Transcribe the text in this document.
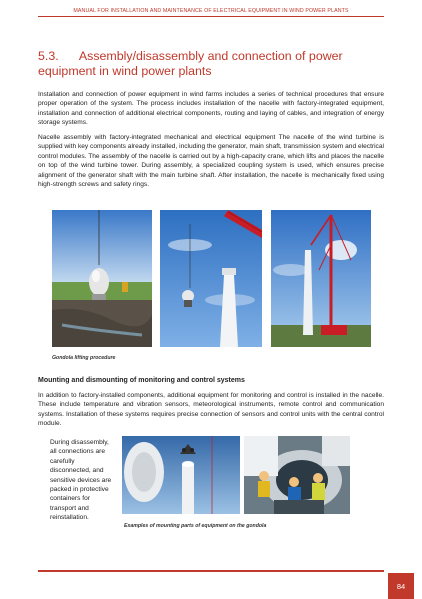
MANUAL FOR INSTALLATION AND MAINTENANCE OF ELECTRICAL EQUIPMENT IN WIND POWER PLANTS
5.3. Assembly/disassembly and connection of power equipment in wind power plants
Installation and connection of power equipment in wind farms includes a series of technical procedures that ensure proper operation of the system. The process includes installation of the nacelle with factory-integrated equipment, installation and connection of additional electrical components, routing and laying of cables, and integration of energy storage systems.
Nacelle assembly with factory-integrated mechanical and electrical equipment The nacelle of the wind turbine is supplied with key components already installed, including the generator, main shaft, transmission system and electrical control modules. The assembly of the nacelle is carried out by a high-capacity crane, which lifts and places the nacelle on top of the wind turbine tower. During assembly, a specialized coupling system is used, which ensures precise alignment of the generator shaft with the main turbine shaft. After installation, the nacelle is mechanically fixed using high-strength screws and safety rings.
Gondola lifting procedure
Mounting and dismounting of monitoring and control systems
In addition to factory-installed components, additional equipment for monitoring and control is installed in the nacelle. These include temperature and vibration sensors, meteorological instruments, remote control and communication systems. Installation of these systems requires precise connection of sensors and control units with the central control module.
During disassembly, all connections are carefully disconnected, and sensitive devices are packed in protective containers for transport and reinstallation.
Examples of mounting parts of equipment on the gondola
84
